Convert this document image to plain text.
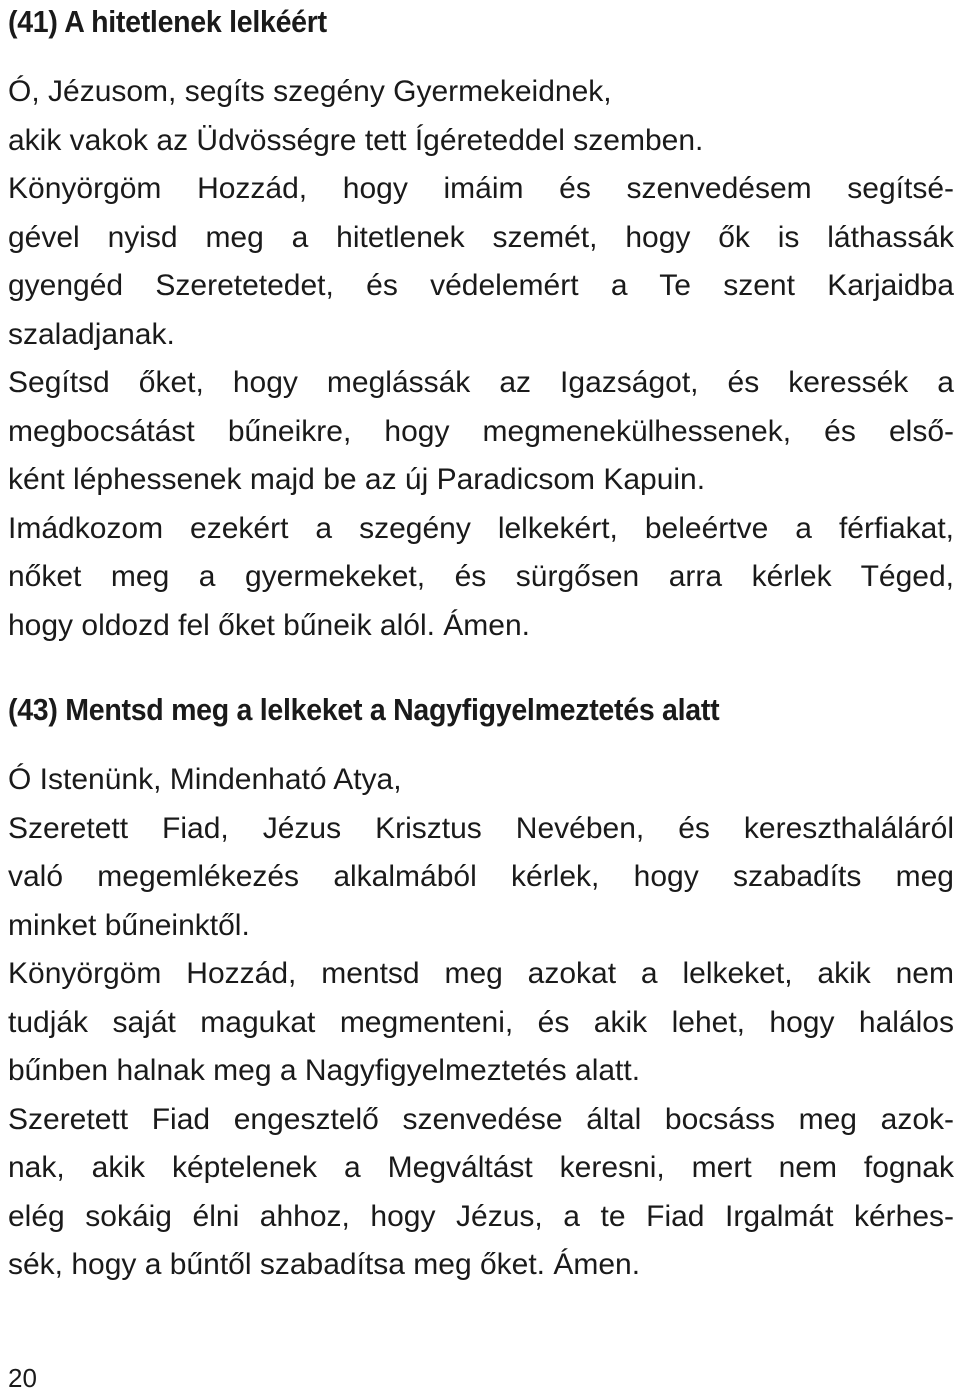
(41) A hitetlenek lelkéért
Ó, Jézusom, segíts szegény Gyermekeidnek,
akik vakok az Üdvösségre tett Ígéreteddel szemben.
Könyörgöm Hozzád, hogy imáim és szenvedésem segítsé-
gével nyisd meg a hitetlenek szemét, hogy ők is láthassák
gyengéd Szeretetedet, és védelemért a Te szent Karjaidba
szaladjanak.
Segítsd őket, hogy meglássák az Igazságot, és keressék a
megbocsátást bűneikre, hogy megmenekülhessenek, és első-
ként léphessenek majd be az új Paradicsom Kapuin.
Imádkozom ezekért a szegény lelkekért, beleértve a férfiakat,
nőket meg a gyermekeket, és sürgősen arra kérlek Téged,
hogy oldozd fel őket bűneik alól. Ámen.
(43) Mentsd meg a lelkeket a Nagyfigyelmeztetés alatt
Ó Istenünk, Mindenható Atya,
Szeretett Fiad, Jézus Krisztus Nevében, és kereszthaláláról
való megemlékezés alkalmából kérlek, hogy szabadíts meg
minket bűneinktől.
Könyörgöm Hozzád, mentsd meg azokat a lelkeket, akik nem
tudják saját magukat megmenteni, és akik lehet, hogy halálos
bűnben halnak meg a Nagyfigyelmeztetés alatt.
Szeretett Fiad engesztelő szenvedése által bocsáss meg azok-
nak, akik képtelenek a Megváltást keresni, mert nem fognak
elég sokáig élni ahhoz, hogy Jézus, a te Fiad Irgalmát kérhes-
sék, hogy a bűntől szabadítsa meg őket. Ámen.
20
